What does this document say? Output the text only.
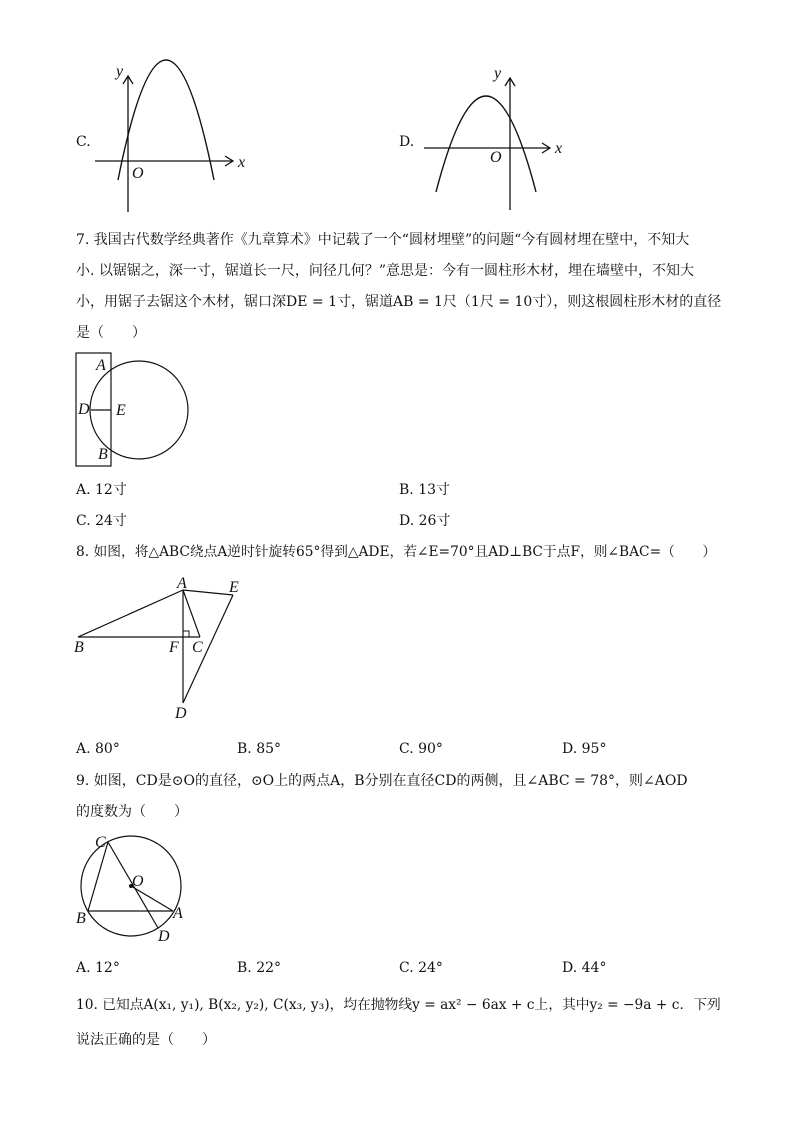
C.
y
x
O
D.
y
x
O
7. 我国古代数学经典著作《九章算术》中记载了一个“圆材埋壁”的问题“今有圆材埋在壁中，不知大
小. 以锯锯之，深一寸，锯道长一尺，问径几何？”意思是：今有一圆柱形木材，埋在墙壁中，不知大
小，用锯子去锯这个木材，锯口深DE = 1寸，锯道AB = 1尺（1尺 = 10寸），则这根圆柱形木材的直径
是（　　）
A
D E
B
A. 12寸	B. 13寸
C. 24寸	D. 26寸
8. 如图，将△ABC绕点A逆时针旋转65°得到△ADE，若∠E=70°且AD⊥BC于点F，则∠BAC=（　　）
A	E
B	F C
D
A. 80°	B. 85°	C. 90°	D. 95°
9. 如图，CD是⊙O的直径，⊙O上的两点A，B分别在直径CD的两侧，且∠ABC = 78°，则∠AOD
的度数为（　　）
C
O
B	A
D
A. 12°	B. 22°	C. 24°	D. 44°
10. 已知点A(x₁, y₁), B(x₂, y₂), C(x₃, y₃)，均在抛物线y = ax² − 6ax + c上，其中y₂ = −9a + c．下列
说法正确的是（　　）
